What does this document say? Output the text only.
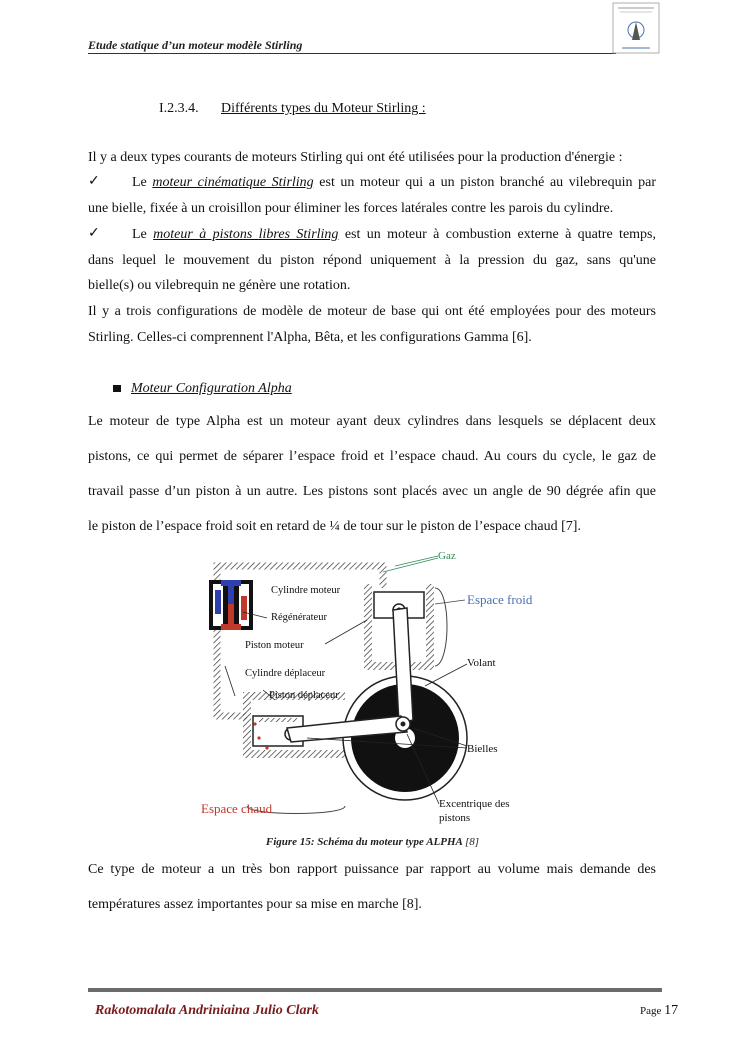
Etude statique d’un moteur modèle Stirling
I.2.3.4. Différents types du Moteur Stirling :
Il y a deux types courants de moteurs Stirling qui ont été utilisées pour la production d'énergie :
✓ Le moteur cinématique Stirling est un moteur qui a un piston branché au vilebrequin par
une bielle, fixée à un croisillon pour éliminer les forces latérales contre les parois du cylindre.
✓ Le moteur à pistons libres Stirling est un moteur à combustion externe à quatre temps,
dans lequel le mouvement du piston répond uniquement à la pression du gaz, sans qu'une
bielle(s) ou vilebrequin ne génère une rotation.
Il y a trois configurations de modèle de moteur de base qui ont été employées pour des moteurs
Stirling. Celles-ci comprennent l'Alpha, Bêta, et les configurations Gamma [6].
Moteur Configuration Alpha
Le moteur de type Alpha est un moteur ayant deux cylindres dans lesquels se déplacent deux
pistons, ce qui permet de séparer l’espace froid et l’espace chaud. Au cours du cycle, le gaz de
travail passe d’un piston à un autre. Les pistons sont placés avec un angle de 90 dégrée afin que
le piston de l’espace froid soit en retard de ¼ de tour sur le piston de l’espace chaud [7].
Gaz
Cylindre moteur
Régénérateur
Piston moteur
Cylindre déplaceur
Piston déplaceur
Espace froid
Volant
Bielles
Espace chaud	Excentrique des
pistons
Figure 15: Schéma du moteur type ALPHA [8]
Ce type de moteur a un très bon rapport puissance par rapport au volume mais demande des
températures assez importantes pour sa mise en marche [8].
Rakotomalala Andriniaina Julio Clark	Page 17
